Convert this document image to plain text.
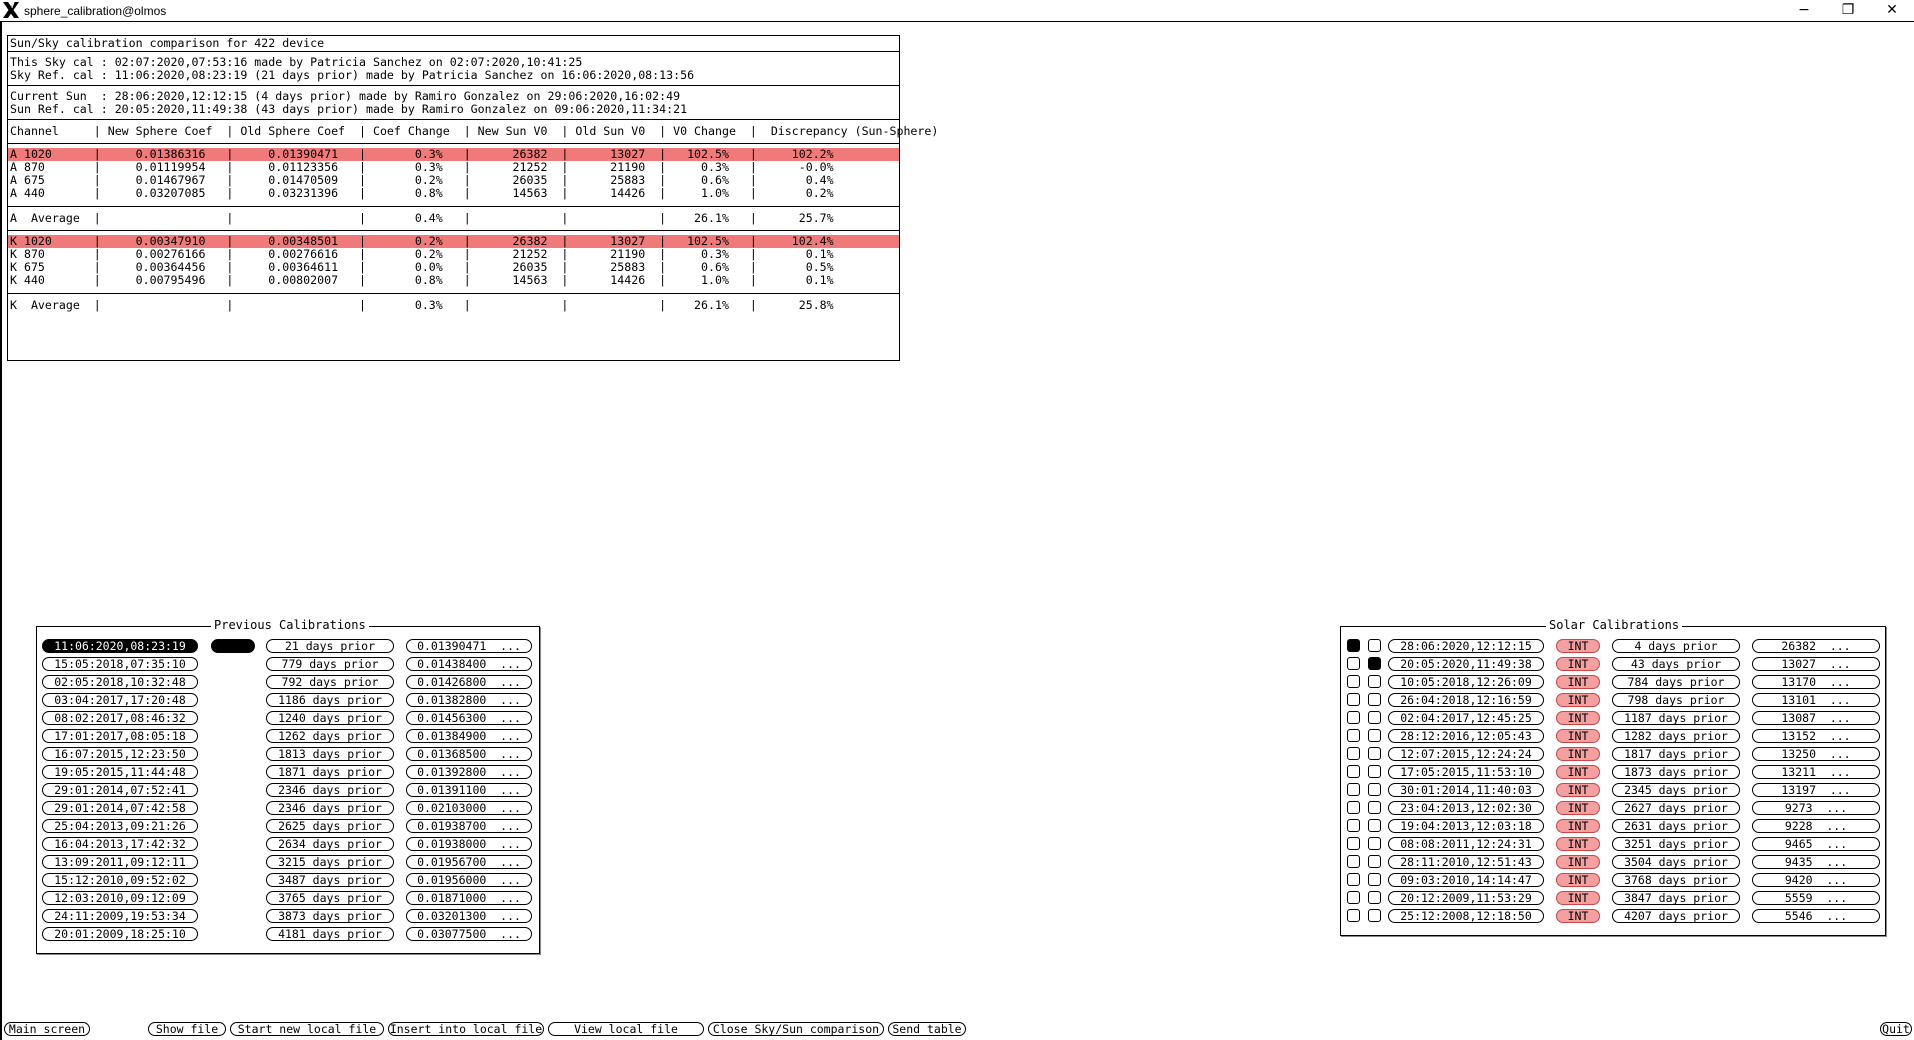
sphere_calibration@olmos	−	❐	✕
Sun/Sky calibration comparison for 422 device
This Sky cal : 02:07:2020,07:53:16 made by Patricia Sanchez on 02:07:2020,10:41:25
Sky Ref. cal : 11:06:2020,08:23:19 (21 days prior) made by Patricia Sanchez on 16:06:2020,08:13:56
Current Sun  : 28:06:2020,12:12:15 (4 days prior) made by Ramiro Gonzalez on 29:06:2020,16:02:49
Sun Ref. cal : 20:05:2020,11:49:38 (43 days prior) made by Ramiro Gonzalez on 09:06:2020,11:34:21
Channel     | New Sphere Coef  | Old Sphere Coef  | Coef Change  | New Sun V0  | Old Sun V0  | V0 Change  |  Discrepancy (Sun-Sphere)
A 1020      |     0.01386316   |     0.01390471   |       0.3%   |      26382  |      13027  |   102.5%   |     102.2%
A 870       |     0.01119954   |     0.01123356   |       0.3%   |      21252  |      21190  |     0.3%   |      -0.0%
A 675       |     0.01467967   |     0.01470509   |       0.2%   |      26035  |      25883  |     0.6%   |       0.4%
A 440       |     0.03207085   |     0.03231396   |       0.8%   |      14563  |      14426  |     1.0%   |       0.2%
A  Average  |                  |                  |       0.4%   |             |             |    26.1%   |      25.7%
K 1020      |     0.00347910   |     0.00348501   |       0.2%   |      26382  |      13027  |   102.5%   |     102.4%
K 870       |     0.00276166   |     0.00276616   |       0.2%   |      21252  |      21190  |     0.3%   |       0.1%
K 675       |     0.00364456   |     0.00364611   |       0.0%   |      26035  |      25883  |     0.6%   |       0.5%
K 440       |     0.00795496   |     0.00802007   |       0.8%   |      14563  |      14426  |     1.0%   |       0.1%
K  Average  |                  |                  |       0.3%   |             |             |    26.1%   |      25.8%
Previous Calibrations
11:06:2020,08:23:19	21 days prior	0.01390471  ...
15:05:2018,07:35:10	779 days prior	0.01438400  ...
02:05:2018,10:32:48	792 days prior	0.01426800  ...
03:04:2017,17:20:48	1186 days prior	0.01382800  ...
08:02:2017,08:46:32	1240 days prior	0.01456300  ...
17:01:2017,08:05:18	1262 days prior	0.01384900  ...
16:07:2015,12:23:50	1813 days prior	0.01368500  ...
19:05:2015,11:44:48	1871 days prior	0.01392800  ...
29:01:2014,07:52:41	2346 days prior	0.01391100  ...
29:01:2014,07:42:58	2346 days prior	0.02103000  ...
25:04:2013,09:21:26	2625 days prior	0.01938700  ...
16:04:2013,17:42:32	2634 days prior	0.01938000  ...
13:09:2011,09:12:11	3215 days prior	0.01956700  ...
15:12:2010,09:52:02	3487 days prior	0.01956000  ...
12:03:2010,09:12:09	3765 days prior	0.01871000  ...
24:11:2009,19:53:34	3873 days prior	0.03201300  ...
20:01:2009,18:25:10	4181 days prior	0.03077500  ...
Solar Calibrations
28:06:2020,12:12:15	INT	4 days prior	26382  ...
20:05:2020,11:49:38	INT	43 days prior	13027  ...
10:05:2018,12:26:09	INT	784 days prior	13170  ...
26:04:2018,12:16:59	INT	798 days prior	13101  ...
02:04:2017,12:45:25	INT	1187 days prior	13087  ...
28:12:2016,12:05:43	INT	1282 days prior	13152  ...
12:07:2015,12:24:24	INT	1817 days prior	13250  ...
17:05:2015,11:53:10	INT	1873 days prior	13211  ...
30:01:2014,11:40:03	INT	2345 days prior	13197  ...
23:04:2013,12:02:30	INT	2627 days prior	9273  ...
19:04:2013,12:03:18	INT	2631 days prior	9228  ...
08:08:2011,12:24:31	INT	3251 days prior	9465  ...
28:11:2010,12:51:43	INT	3504 days prior	9435  ...
09:03:2010,14:14:47	INT	3768 days prior	9420  ...
20:12:2009,11:53:29	INT	3847 days prior	5559  ...
25:12:2008,12:18:50	INT	4207 days prior	5546  ...
Main screen	Show file	Start new local file	Insert into local file	View local file	Close Sky/Sun comparison	Send table	Quit
